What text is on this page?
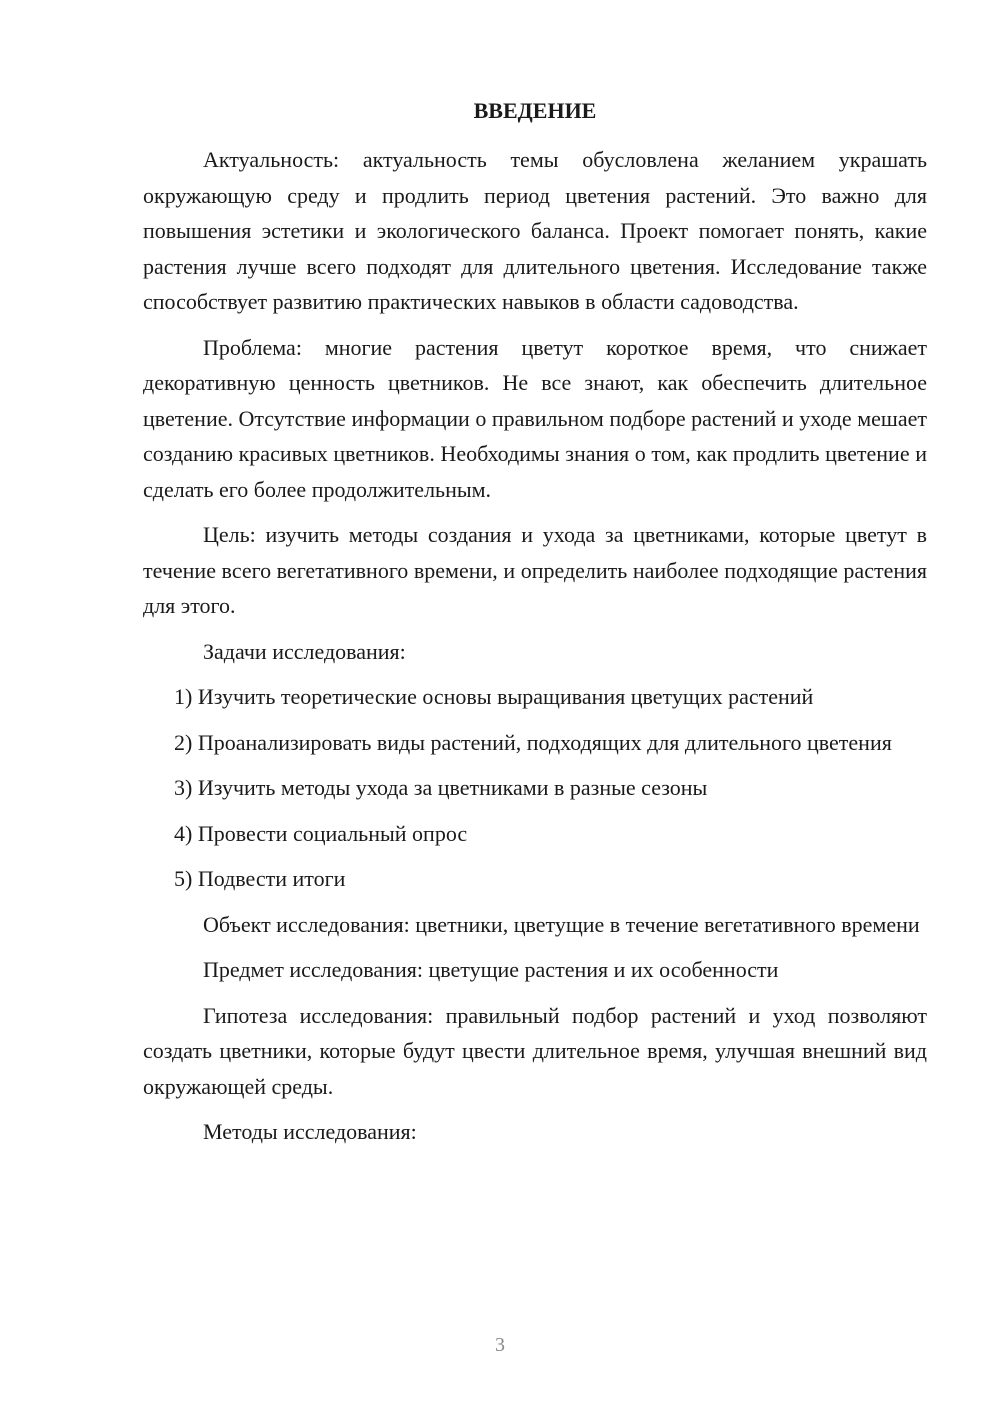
ВВЕДЕНИЕ

Актуальность: актуальность темы обусловлена желанием украшать окружающую среду и продлить период цветения растений. Это важно для повышения эстетики и экологического баланса. Проект помогает понять, какие растения лучше всего подходят для длительного цветения. Исследование также способствует развитию практических навыков в области садоводства.

Проблема: многие растения цветут короткое время, что снижает декоративную ценность цветников. Не все знают, как обеспечить длительное цветение. Отсутствие информации о правильном подборе растений и уходе мешает созданию красивых цветников. Необходимы знания о том, как продлить цветение и сделать его более продолжительным.

Цель: изучить методы создания и ухода за цветниками, которые цветут в течение всего вегетативного времени, и определить наиболее подходящие растения для этого.

Задачи исследования:

1) Изучить теоретические основы выращивания цветущих растений

2) Проанализировать виды растений, подходящих для длительного цветения

3) Изучить методы ухода за цветниками в разные сезоны

4) Провести социальный опрос

5) Подвести итоги

Объект исследования: цветники, цветущие в течение вегетативного времени

Предмет исследования: цветущие растения и их особенности

Гипотеза исследования: правильный подбор растений и уход позволяют создать цветники, которые будут цвести длительное время, улучшая внешний вид окружающей среды.

Методы исследования:

3
